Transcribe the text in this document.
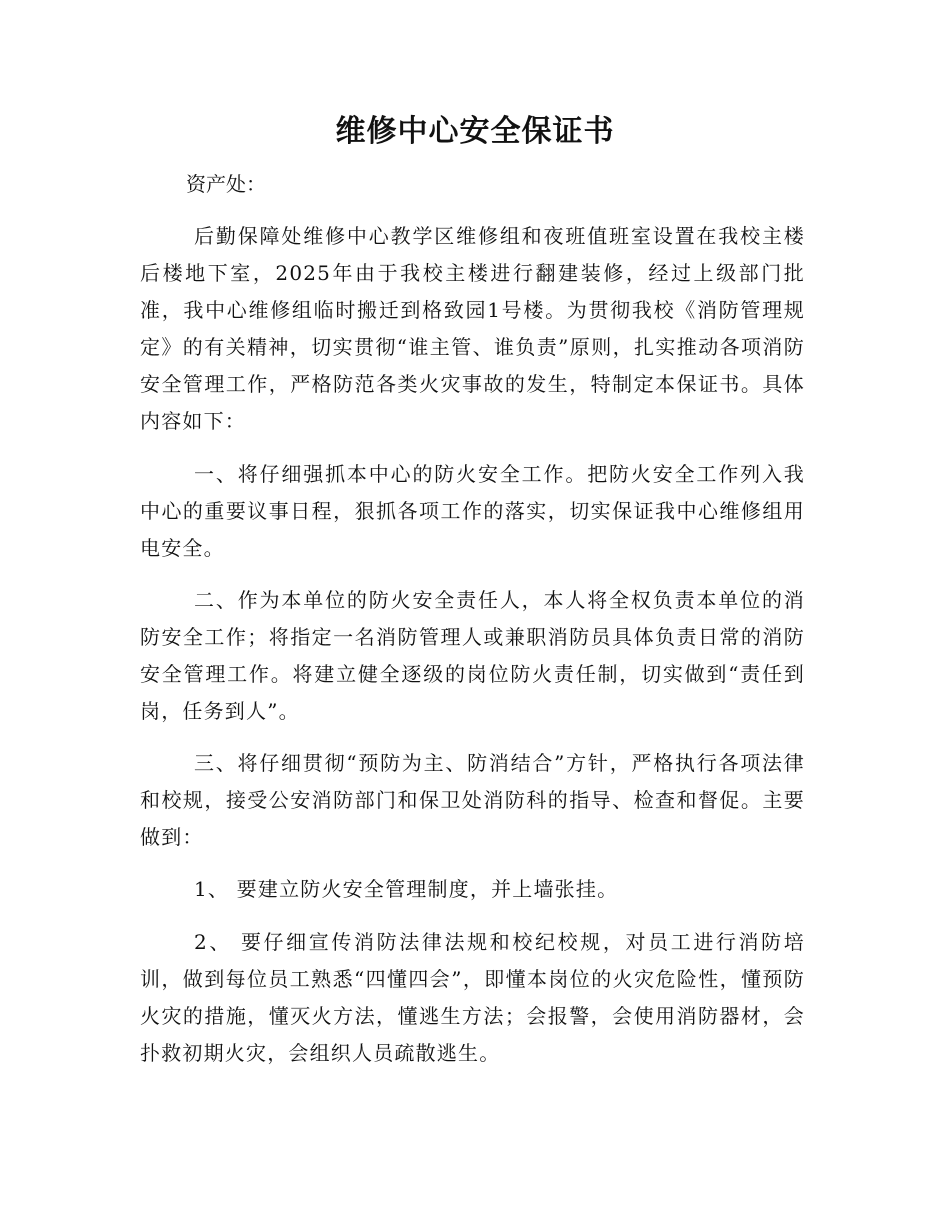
维修中心安全保证书
资产处：

后勤保障处维修中心教学区维修组和夜班值班室设置在我校主楼后楼地下室，2025年由于我校主楼进行翻建装修，经过上级部门批准，我中心维修组临时搬迁到格致园1号楼。为贯彻我校《消防管理规定》的有关精神，切实贯彻“谁主管、谁负责”原则，扎实推动各项消防安全管理工作，严格防范各类火灾事故的发生，特制定本保证书。具体内容如下：

一、将仔细强抓本中心的防火安全工作。把防火安全工作列入我中心的重要议事日程，狠抓各项工作的落实，切实保证我中心维修组用电安全。

二、作为本单位的防火安全责任人，本人将全权负责本单位的消防安全工作；将指定一名消防管理人或兼职消防员具体负责日常的消防安全管理工作。将建立健全逐级的岗位防火责任制，切实做到“责任到岗，任务到人”。

三、将仔细贯彻“预防为主、防消结合”方针，严格执行各项法律和校规，接受公安消防部门和保卫处消防科的指导、检查和督促。主要做到：

1、 要建立防火安全管理制度，并上墙张挂。

2、 要仔细宣传消防法律法规和校纪校规，对员工进行消防培训，做到每位员工熟悉“四懂四会”，即懂本岗位的火灾危险性，懂预防火灾的措施，懂灭火方法，懂逃生方法；会报警，会使用消防器材，会扑救初期火灾，会组织人员疏散逃生。
